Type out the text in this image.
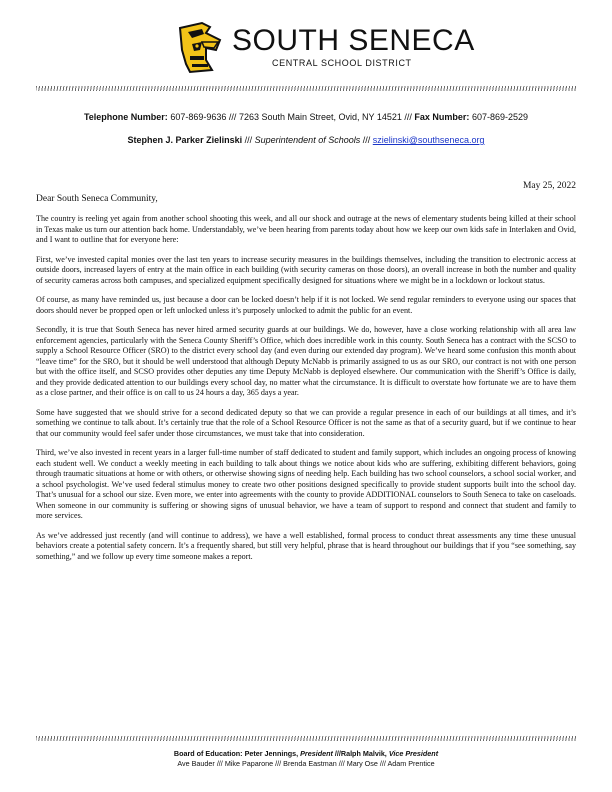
SOUTH SENECA
CENTRAL SCHOOL DISTRICT
Telephone Number: 607-869-9636 /// 7263 South Main Street, Ovid, NY 14521 /// Fax Number: 607-869-2529
Stephen J. Parker Zielinski /// Superintendent of Schools /// szielinski@southseneca.org
May 25, 2022
Dear South Seneca Community,

The country is reeling yet again from another school shooting this week, and all our shock and outrage at the news of elementary students being killed at their school in Texas make us turn our attention back home. Understandably, we’ve been hearing from parents today about how we keep our own kids safe in Interlaken and Ovid, and I want to outline that for everyone here:

First, we’ve invested capital monies over the last ten years to increase security measures in the buildings themselves, including the transition to electronic access at outside doors, increased layers of entry at the main office in each building (with security cameras on those doors), an overall increase in both the number and quality of security cameras across both campuses, and specialized equipment specifically designed for situations where we might be in a lockdown or lockout status.

Of course, as many have reminded us, just because a door can be locked doesn’t help if it is not locked. We send regular reminders to everyone using our spaces that doors should never be propped open or left unlocked unless it’s purposely unlocked to admit the public for an event.

Secondly, it is true that South Seneca has never hired armed security guards at our buildings. We do, however, have a close working relationship with all area law enforcement agencies, particularly with the Seneca County Sheriff’s Office, which does incredible work in this county. South Seneca has a contract with the SCSO to supply a School Resource Officer (SRO) to the district every school day (and even during our extended day program). We’ve heard some confusion this month about “leave time” for the SRO, but it should be well understood that although Deputy McNabb is primarily assigned to us as our SRO, our contract is not with one person but with the office itself, and SCSO provides other deputies any time Deputy McNabb is deployed elsewhere. Our communication with the Sheriff’s Office is daily, and they provide dedicated attention to our buildings every school day, no matter what the circumstance. It is difficult to overstate how fortunate we are to have them as a close partner, and their office is on call to us 24 hours a day, 365 days a year.

Some have suggested that we should strive for a second dedicated deputy so that we can provide a regular presence in each of our buildings at all times, and it’s something we continue to talk about. It’s certainly true that the role of a School Resource Officer is not the same as that of a security guard, but if we continue to hear that our community would feel safer under those circumstances, we must take that into consideration.

Third, we’ve also invested in recent years in a larger full-time number of staff dedicated to student and family support, which includes an ongoing process of knowing each student well. We conduct a weekly meeting in each building to talk about things we notice about kids who are suffering, exhibiting different behaviors, going through traumatic situations at home or with others, or otherwise showing signs of needing help. Each building has two school counselors, a school social worker, and a school psychologist. We’ve used federal stimulus money to create two other positions designed specifically to provide student supports built into the school day. That’s unusual for a school our size. Even more, we enter into agreements with the county to provide ADDITIONAL counselors to South Seneca to take on caseloads. When someone in our community is suffering or showing signs of unusual behavior, we have a team of support to respond and connect that student and family to more services.

As we’ve addressed just recently (and will continue to address), we have a well established, formal process to conduct threat assessments any time these unusual behaviors create a potential safety concern. It’s a frequently shared, but still very helpful, phrase that is heard throughout our buildings that if you “see something, say something,” and we follow up every time someone makes a report.

Board of Education: Peter Jennings, President ///Ralph Malvik, Vice President
Ave Bauder /// Mike Paparone /// Brenda Eastman /// Mary Ose /// Adam Prentice
